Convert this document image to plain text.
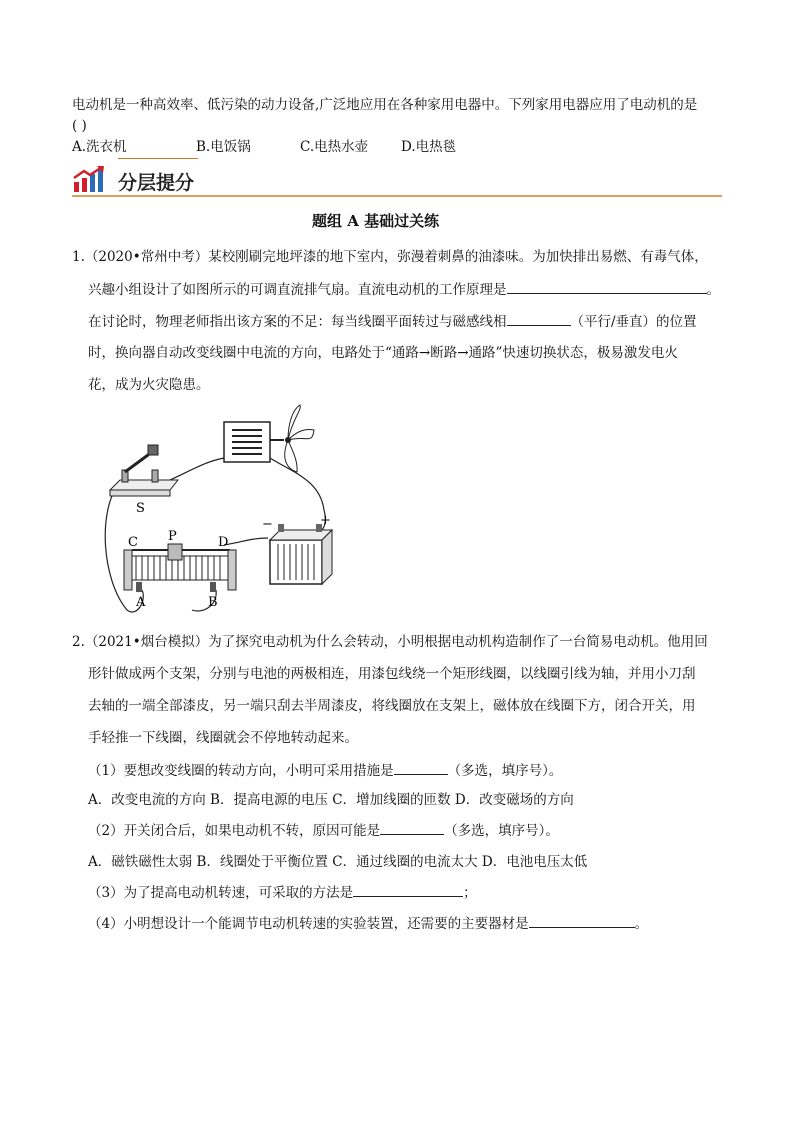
电动机是一种高效率、低污染的动力设备,广泛地应用在各种家用电器中。下列家用电器应用了电动机的是
( )
A.洗衣机	B.电饭锅	C.电热水壶 D.电热毯
分层提分
题组 A 基础过关练
1.（2020•常州中考）某校刚刷完地坪漆的地下室内，弥漫着刺鼻的油漆味。为加快排出易燃、有毒气体，
兴趣小组设计了如图所示的可调直流排气扇。直流电动机的工作原理是	。
在讨论时，物理老师指出该方案的不足：每当线圈平面转过与磁感线相	（平行/垂直）的位置
时，换向器自动改变线圈中电流的方向，电路处于“通路→断路→通路”快速切换状态，极易激发电火
花，成为火灾隐患。
S
C P	D
A	B
−	+
2.（2021•烟台模拟）为了探究电动机为什么会转动，小明根据电动机构造制作了一台简易电动机。他用回
形针做成两个支架，分别与电池的两极相连，用漆包线绕一个矩形线圈，以线圈引线为轴，并用小刀刮
去轴的一端全部漆皮，另一端只刮去半周漆皮，将线圈放在支架上，磁体放在线圈下方，闭合开关，用
手轻推一下线圈，线圈就会不停地转动起来。
（1）要想改变线圈的转动方向，小明可采用措施是	（多选，填序号）。
A．改变电流的方向 B．提高电源的电压 C．增加线圈的匝数 D．改变磁场的方向
（2）开关闭合后，如果电动机不转，原因可能是	（多选，填序号）。
A．磁铁磁性太弱 B．线圈处于平衡位置 C．通过线圈的电流太大 D．电池电压太低
（3）为了提高电动机转速，可采取的方法是	；
（4）小明想设计一个能调节电动机转速的实验装置，还需要的主要器材是	。
